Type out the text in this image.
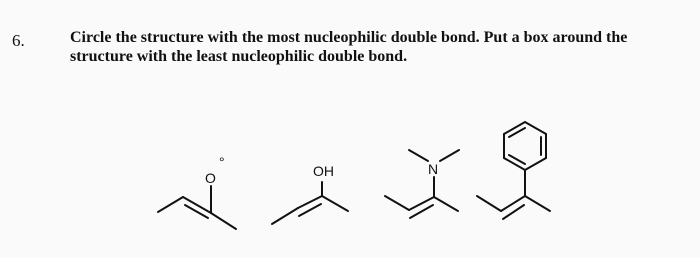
6.	Circle the structure with the most nucleophilic double bond. Put a box around the
structure with the least nucleophilic double bond.
O
°
OH	N
